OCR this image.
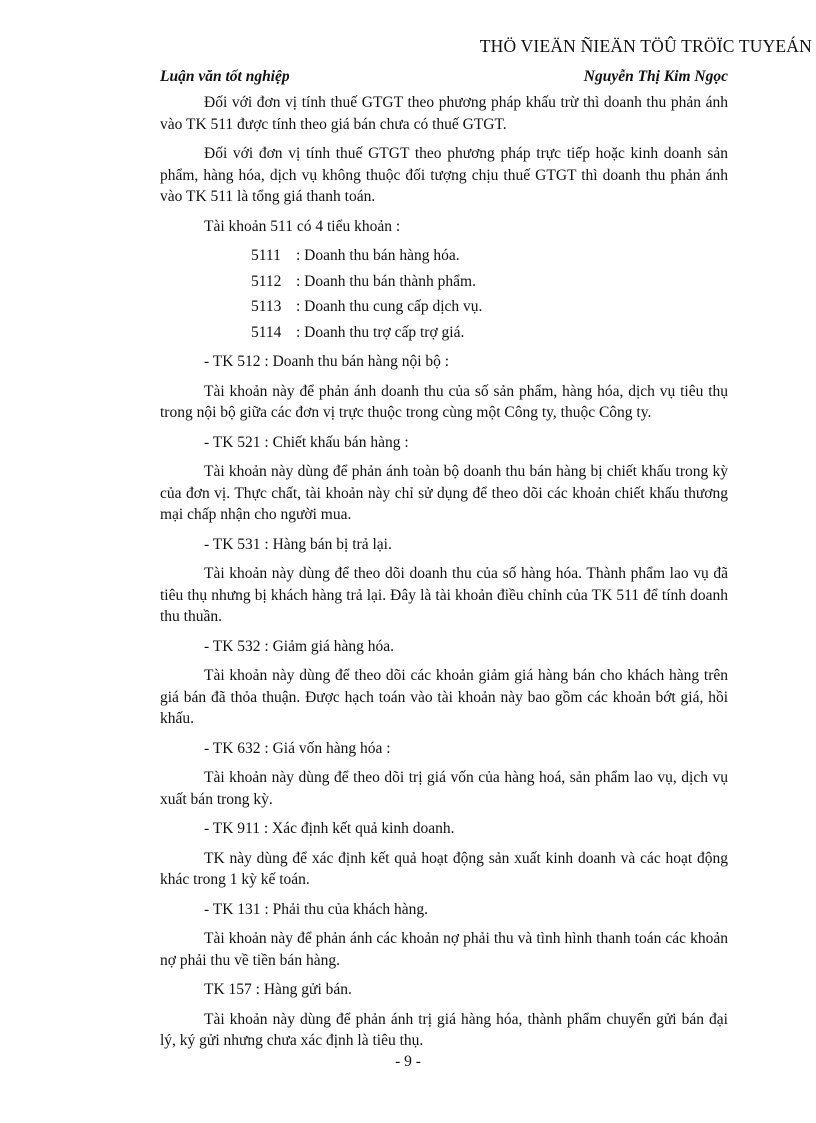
THÖ VIEÄN ÑIEÄN TÖÛ TRÖÏC TUYEÁN
Luận văn tốt nghiệp	Nguyễn Thị Kim Ngọc

Đối với đơn vị tính thuế GTGT theo phương pháp khấu trừ thì doanh thu phản ánh vào TK 511 được tính theo giá bán chưa có thuế GTGT.

Đối với đơn vị tính thuế GTGT theo phương pháp trực tiếp hoặc kinh doanh sản phẩm, hàng hóa, dịch vụ không thuộc đối tượng chịu thuế GTGT thì doanh thu phản ánh vào TK 511 là tổng giá thanh toán.

Tài khoản 511 có 4 tiểu khoản :

5111 : Doanh thu bán hàng hóa.
5112 : Doanh thu bán thành phẩm.
5113 : Doanh thu cung cấp dịch vụ.
5114 : Doanh thu trợ cấp trợ giá.

- TK 512 : Doanh thu bán hàng nội bộ :

Tài khoản này để phản ánh doanh thu của số sản phẩm, hàng hóa, dịch vụ tiêu thụ trong nội bộ giữa các đơn vị trực thuộc trong cùng một Công ty, thuộc Công ty.

- TK 521 : Chiết khấu bán hàng :

Tài khoản này dùng để phản ánh toàn bộ doanh thu bán hàng bị chiết khấu trong kỳ của đơn vị. Thực chất, tài khoản này chỉ sử dụng để theo dõi các khoản chiết khấu thương mại chấp nhận cho người mua.

- TK 531 : Hàng bán bị trả lại.

Tài khoản này dùng để theo dõi doanh thu của số hàng hóa. Thành phẩm lao vụ đã tiêu thụ nhưng bị khách hàng trả lại. Đây là tài khoản điều chỉnh của TK 511 để tính doanh thu thuần.

- TK 532 : Giảm giá hàng hóa.

Tài khoản này dùng để theo dõi các khoản giảm giá hàng bán cho khách hàng trên giá bán đã thỏa thuận. Được hạch toán vào tài khoản này bao gồm các khoản bớt giá, hồi khấu.

- TK 632 : Giá vốn hàng hóa :

Tài khoản này dùng để theo dõi trị giá vốn của hàng hoá, sản phẩm lao vụ, dịch vụ xuất bán trong kỳ.

- TK 911 : Xác định kết quả kinh doanh.

TK này dùng để xác định kết quả hoạt động sản xuất kinh doanh và các hoạt động khác trong 1 kỳ kế toán.

- TK 131 : Phải thu của khách hàng.

Tài khoản này để phản ánh các khoản nợ phải thu và tình hình thanh toán các khoản nợ phải thu về tiền bán hàng.

TK 157 : Hàng gửi bán.

Tài khoản này dùng để phản ánh trị giá hàng hóa, thành phẩm chuyển gửi bán đại lý, ký gửi nhưng chưa xác định là tiêu thụ.

- 9 -
